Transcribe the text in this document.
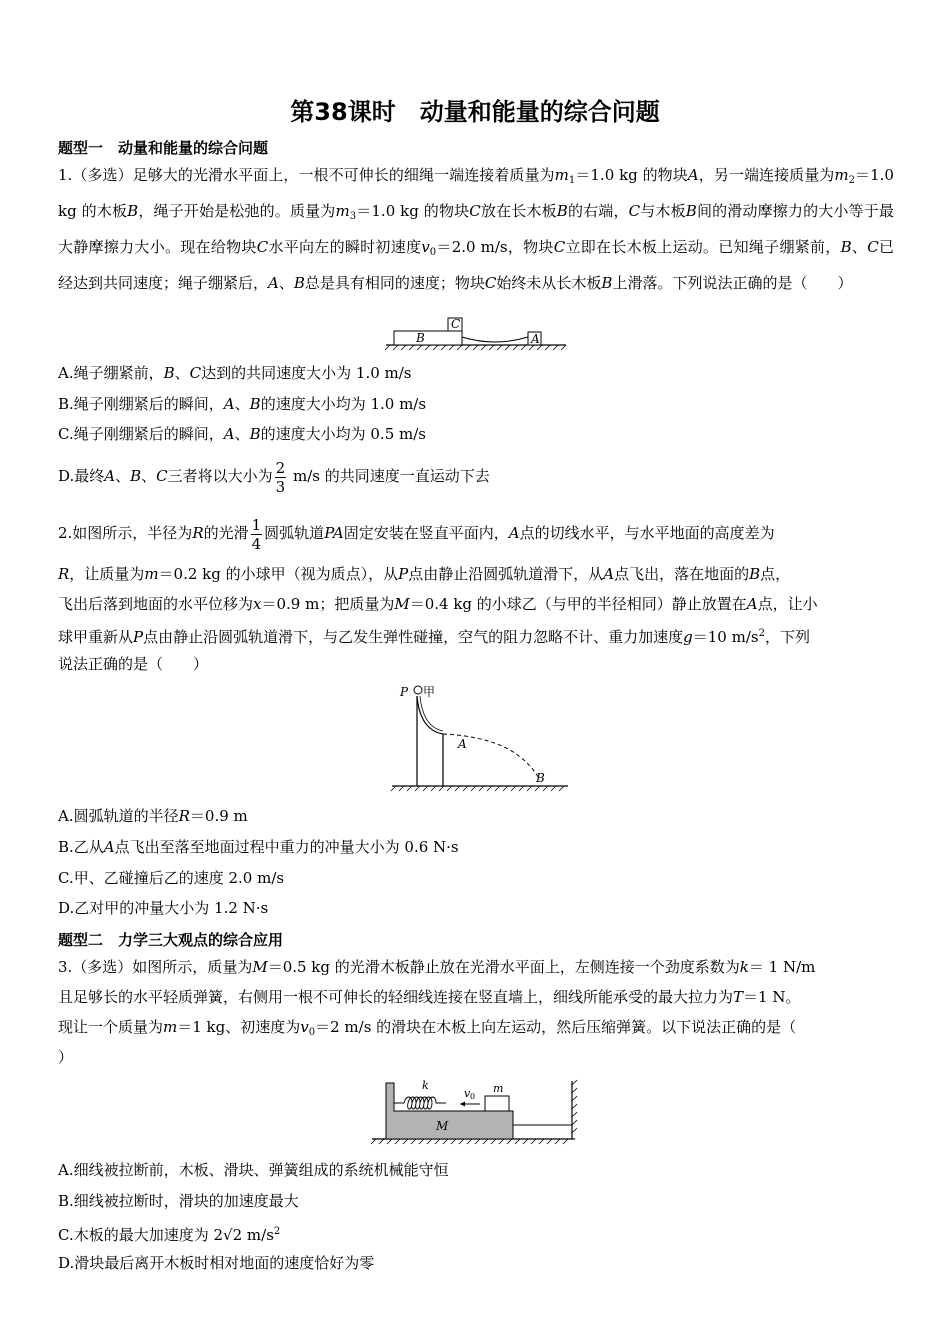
第38课时　动量和能量的综合问题
题型一　动量和能量的综合问题
1.（多选）足够大的光滑水平面上，一根不可伸长的细绳一端连接着质量为$m_1=1.0$ kg 的物块A，另一端连接质量为$m_2=1.0$ kg 的木板B，绳子开始是松弛的。质量为$m_3=1.0$ kg 的物块C放在长木板B的右端，C与木板B间的滑动摩擦力的大小等于最大静摩擦力大小。现在给物块C水平向左的瞬时初速度$v_0=2.0$ m/s，物块C立即在长木板上运动。已知绳子绷紧前，B、C已经达到共同速度；绳子绷紧后，A、B总是具有相同的速度；物块C始终未从长木板B上滑落。下列说法正确的是（　　）
B
C
A
A.绳子绷紧前，B、C达到的共同速度大小为 1.0 m/s
B.绳子刚绷紧后的瞬间，A、B的速度大小均为 1.0 m/s
C.绳子刚绷紧后的瞬间，A、B的速度大小均为 0.5 m/s
D.最终A、B、C三者将以大小为 $\frac{2}{3} m/s$ 的共同速度一直运动下去
2.如图所示，半径为R的光滑 $\frac{1}{4}$ 圆弧轨道PA固定安装在竖直平面内，A点的切线水平，与水平地面的高度差为
R，让质量为m＝0.2 kg 的小球甲（视为质点），从P点由静止沿圆弧轨道滑下，从A点飞出，落在地面的B点，
飞出后落到地面的水平位移为x＝0.9 m；把质量为M＝0.4 kg 的小球乙（与甲的半径相同）静止放置在A点，让小
球甲重新从P点由静止沿圆弧轨道滑下，与乙发生弹性碰撞，空气的阻力忽略不计、重力加速度g＝10 $m/s^2$，下列
说法正确的是（　　）
P 甲
A
B
A.圆弧轨道的半径R＝0.9 m
B.乙从A点飞出至落至地面过程中重力的冲量大小为 0.6 N·s
C.甲、乙碰撞后乙的速度 2.0 m/s
D.乙对甲的冲量大小为 1.2 N·s
题型二　力学三大观点的综合应用
3.（多选）如图所示，质量为M＝0.5 kg 的光滑木板静止放在光滑水平面上，左侧连接一个劲度系数为k＝ 1 N/m
且足够长的水平轻质弹簧，右侧用一根不可伸长的轻细线连接在竖直墙上，细线所能承受的最大拉力为T＝1 N。
现让一个质量为m＝1 kg、初速度为$v_0=2$ m/s 的滑块在木板上向左运动，然后压缩弹簧。以下说法正确的是（
）
k
v 0
m
M
A.细线被拉断前，木板、滑块、弹簧组成的系统机械能守恒
B.细线被拉断时，滑块的加速度最大
C.木板的最大加速度为 2√2 $m/s^2$
D.滑块最后离开木板时相对地面的速度恰好为零
